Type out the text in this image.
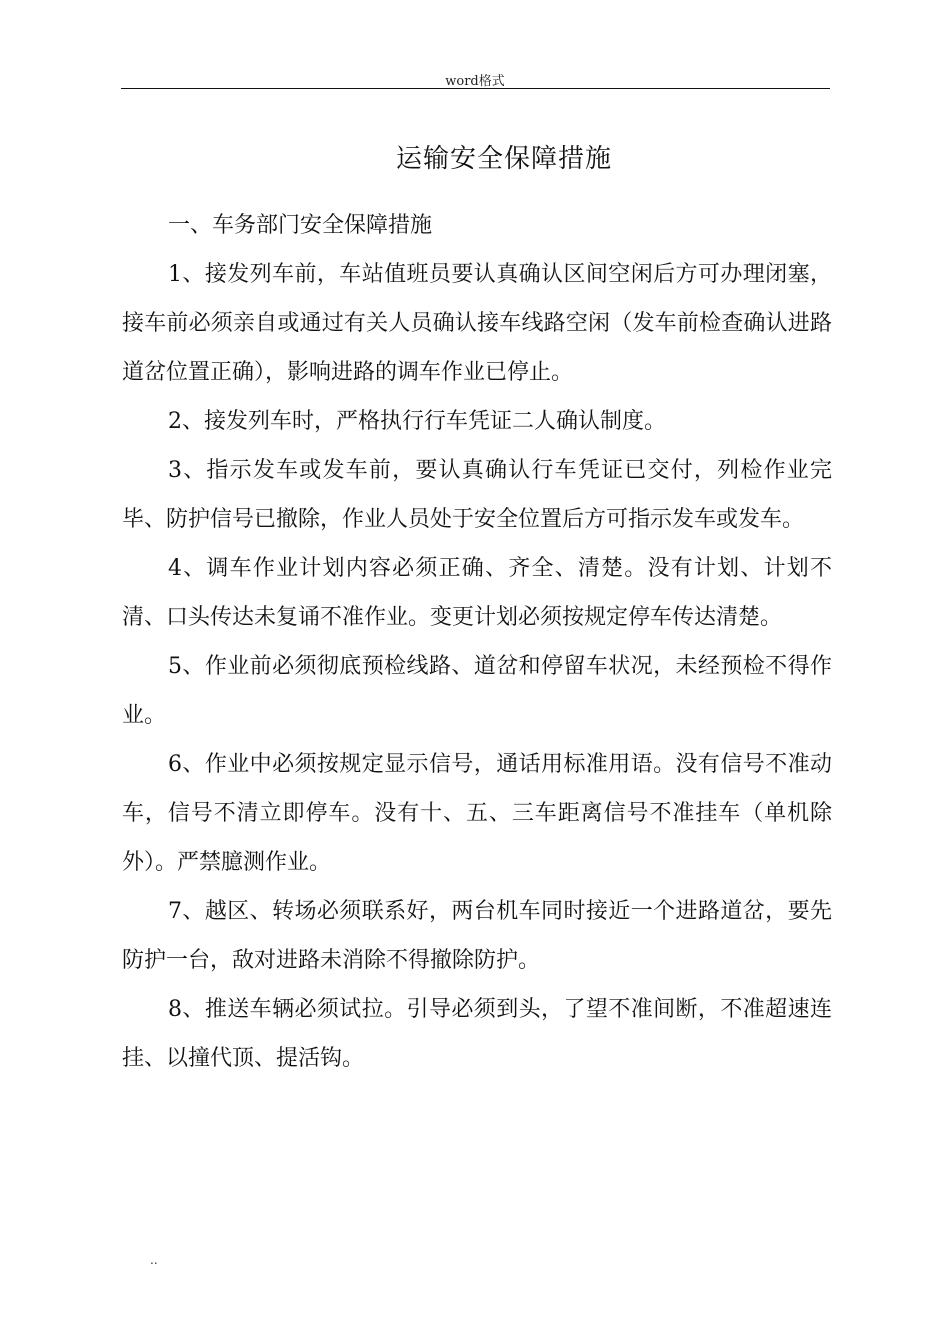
word格式
运输安全保障措施

一、车务部门安全保障措施

1、接发列车前，车站值班员要认真确认区间空闲后方可办理闭塞，接车前必须亲自或通过有关人员确认接车线路空闲（发车前检查确认进路道岔位置正确），影响进路的调车作业已停止。

2、接发列车时，严格执行行车凭证二人确认制度。

3、指示发车或发车前，要认真确认行车凭证已交付，列检作业完毕、防护信号已撤除，作业人员处于安全位置后方可指示发车或发车。

4、调车作业计划内容必须正确、齐全、清楚。没有计划、计划不清、口头传达未复诵不准作业。变更计划必须按规定停车传达清楚。

5、作业前必须彻底预检线路、道岔和停留车状况，未经预检不得作业。

6、作业中必须按规定显示信号，通话用标准用语。没有信号不准动车，信号不清立即停车。没有十、五、三车距离信号不准挂车（单机除外）。严禁臆测作业。

7、越区、转场必须联系好，两台机车同时接近一个进路道岔，要先防护一台，敌对进路未消除不得撤除防护。

8、推送车辆必须试拉。引导必须到头，了望不准间断，不准超速连挂、以撞代顶、提活钩。

..
